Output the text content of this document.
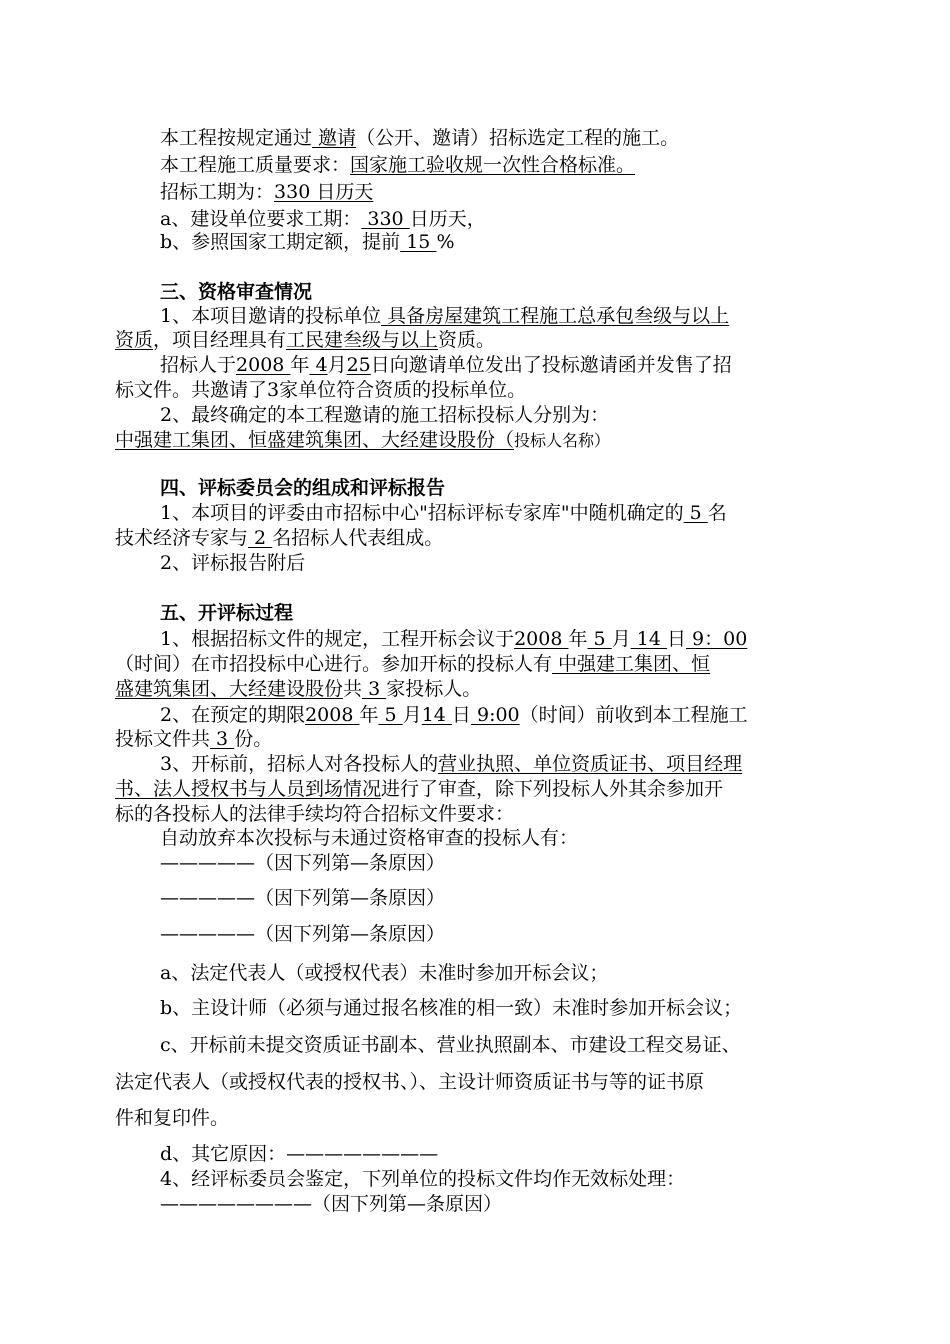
本工程按规定通过 邀请（公开、邀请）招标选定工程的施工。
本工程施工质量要求：国家施工验收规一次性合格标准。
招标工期为：330 日历天
a、建设单位要求工期： 330 日历天，
b、参照国家工期定额，提前 15 %
三、资格审查情况
1、本项目邀请的投标单位 具备房屋建筑工程施工总承包叁级与以上
资质，项目经理具有工民建叁级与以上资质。
招标人于2008 年 4月25日向邀请单位发出了投标邀请函并发售了招
标文件。共邀请了3家单位符合资质的投标单位。
2、最终确定的本工程邀请的施工招标投标人分别为：
中强建工集团、恒盛建筑集团、大经建设股份（投标人名称）
四、评标委员会的组成和评标报告
1、本项目的评委由市招标中心"招标评标专家库"中随机确定的 5 名
技术经济专家与 2 名招标人代表组成。
2、评标报告附后
五、开评标过程
1、根据招标文件的规定，工程开标会议于2008 年 5 月 14 日 9：00
（时间）在市招投标中心进行。参加开标的投标人有 中强建工集团、恒
盛建筑集团、大经建设股份共 3 家投标人。
2、在预定的期限2008 年 5 月14 日 9:00（时间）前收到本工程施工
投标文件共 3 份。
3、开标前，招标人对各投标人的营业执照、单位资质证书、项目经理
书、法人授权书与人员到场情况进行了审查，除下列投标人外其余参加开
标的各投标人的法律手续均符合招标文件要求：
自动放弃本次投标与未通过资格审查的投标人有：
—————（因下列第—条原因）
—————（因下列第—条原因）
—————（因下列第—条原因）
a、法定代表人（或授权代表）未准时参加开标会议；
b、主设计师（必须与通过报名核准的相一致）未准时参加开标会议；
c、开标前未提交资质证书副本、营业执照副本、市建设工程交易证、
法定代表人（或授权代表的授权书、）、主设计师资质证书与等的证书原
件和复印件。
d、其它原因：————————
4、经评标委员会鉴定，下列单位的投标文件均作无效标处理：
————————（因下列第—条原因）
